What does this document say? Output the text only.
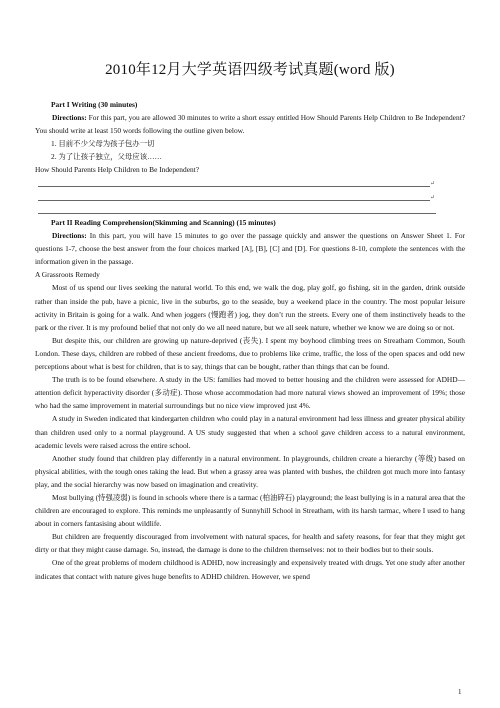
2010年12月大学英语四级考试真题(word 版)

Part I Writing (30 minutes)

Directions: For this part, you are allowed 30 minutes to write a short essay entitled How Should Parents Help Children to Be Independent? You should write at least 150 words following the outline given below.

1. 目前不少父母为孩子包办一切

2. 为了让孩子独立，父母应该……

How Should Parents Help Children to Be Independent?

↵
↵

Part II Reading Comprehension(Skimming and Scanning) (15 minutes)

Directions: In this part, you will have 15 minutes to go over the passage quickly and answer the questions on Answer Sheet 1. For questions 1-7, choose the best answer from the four choices marked [A], [B], [C] and [D]. For questions 8-10, complete the sentences with the information given in the passage.

A Grassroots Remedy

Most of us spend our lives seeking the natural world. To this end, we walk the dog, play golf, go fishing, sit in the garden, drink outside rather than inside the pub, have a picnic, live in the suburbs, go to the seaside, buy a weekend place in the country. The most popular leisure activity in Britain is going for a walk. And when joggers (慢跑者) jog, they don’t run the streets. Every one of them instinctively heads to the park or the river. It is my profound belief that not only do we all need nature, but we all seek nature, whether we know we are doing so or not.

But despite this, our children are growing up nature-deprived (丧失). I spent my boyhood climbing trees on Streatham Common, South London. These days, children are robbed of these ancient freedoms, due to problems like crime, traffic, the loss of the open spaces and odd new perceptions about what is best for children, that is to say, things that can be bought, rather than things that can be found.

The truth is to be found elsewhere. A study in the US: families had moved to better housing and the children were assessed for ADHD—attention deficit hyperactivity disorder (多动症). Those whose accommodation had more natural views showed an improvement of 19%; those who had the same improvement in material surroundings but no nice view improved just 4%.

A study in Sweden indicated that kindergarten children who could play in a natural environment had less illness and greater physical ability than children used only to a normal playground. A US study suggested that when a school gave children access to a natural environment, academic levels were raised across the entire school.

Another study found that children play differently in a natural environment. In playgrounds, children create a hierarchy (等级) based on physical abilities, with the tough ones taking the lead. But when a grassy area was planted with bushes, the children got much more into fantasy play, and the social hierarchy was now based on imagination and creativity.

Most bullying (恃强凌弱) is found in schools where there is a tarmac (柏油碎石) playground; the least bullying is in a natural area that the children are encouraged to explore. This reminds me unpleasantly of Sunnyhill School in Streatham, with its harsh tarmac, where I used to hang about in corners fantasising about wildlife.

But children are frequently discouraged from involvement with natural spaces, for health and safety reasons, for fear that they might get dirty or that they might cause damage. So, instead, the damage is done to the children themselves: not to their bodies but to their souls.

One of the great problems of modern childhood is ADHD, now increasingly and expensively treated with drugs. Yet one study after another indicates that contact with nature gives huge benefits to ADHD children. However, we spend

1
